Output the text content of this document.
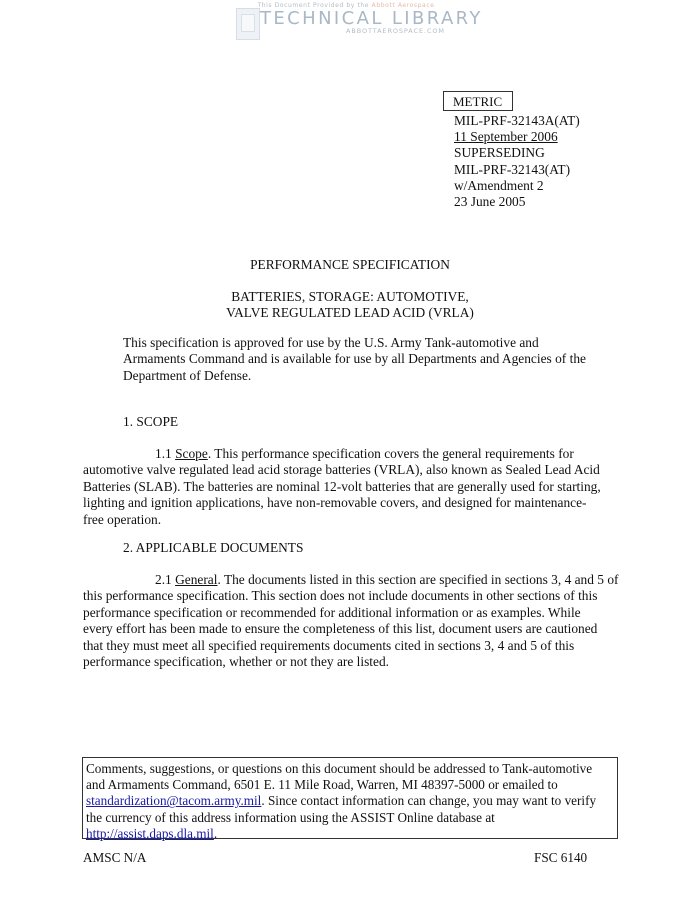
This Document Provided by the Abbott Aerospace
TECHNICAL LIBRARY
ABBOTTAEROSPACE.COM
METRIC
MIL-PRF-32143A(AT)
11 September 2006
SUPERSEDING
MIL-PRF-32143(AT)
w/Amendment 2
23 June 2005
PERFORMANCE SPECIFICATION
BATTERIES, STORAGE: AUTOMOTIVE,
VALVE REGULATED LEAD ACID (VRLA)
This specification is approved for use by the U.S. Army Tank-automotive and
Armaments Command and is available for use by all Departments and Agencies of the
Department of Defense.
1. SCOPE
1.1 Scope. This performance specification covers the general requirements for
automotive valve regulated lead acid storage batteries (VRLA), also known as Sealed Lead Acid
Batteries (SLAB). The batteries are nominal 12-volt batteries that are generally used for starting,
lighting and ignition applications, have non-removable covers, and designed for maintenance-
free operation.
2. APPLICABLE DOCUMENTS
2.1 General. The documents listed in this section are specified in sections 3, 4 and 5 of
this performance specification. This section does not include documents in other sections of this
performance specification or recommended for additional information or as examples. While
every effort has been made to ensure the completeness of this list, document users are cautioned
that they must meet all specified requirements documents cited in sections 3, 4 and 5 of this
performance specification, whether or not they are listed.
Comments, suggestions, or questions on this document should be addressed to Tank-automotive
and Armaments Command, 6501 E. 11 Mile Road, Warren, MI 48397-5000 or emailed to
standardization@tacom.army.mil. Since contact information can change, you may want to verify
the currency of this address information using the ASSIST Online database at
http://assist.daps.dla.mil.
AMSC N/A	FSC 6140
